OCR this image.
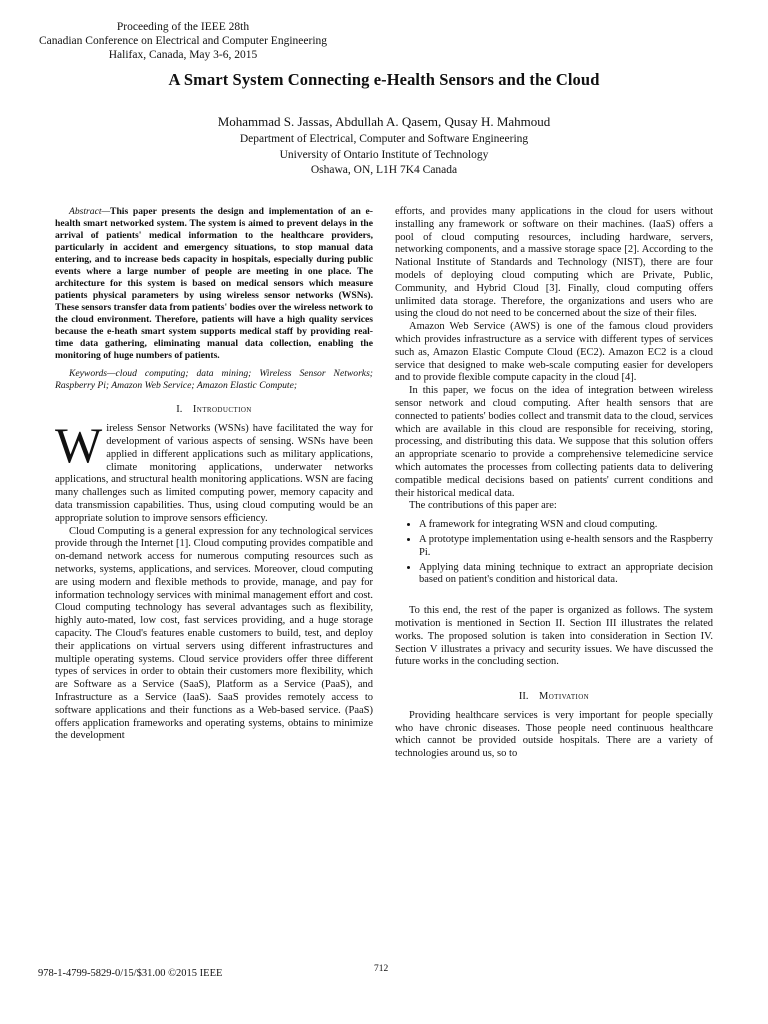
Proceeding of the IEEE 28th
Canadian Conference on Electrical and Computer Engineering
Halifax, Canada, May 3-6, 2015
A Smart System Connecting e-Health Sensors and the Cloud
Mohammad S. Jassas, Abdullah A. Qasem, Qusay H. Mahmoud
Department of Electrical, Computer and Software Engineering
University of Ontario Institute of Technology
Oshawa, ON, L1H 7K4 Canada

Abstract—This paper presents the design and implementation of an e-health smart networked system. The system is aimed to prevent delays in the arrival of patients' medical information to the healthcare providers, particularly in accident and emergency situations, to stop manual data entering, and to increase beds capacity in hospitals, especially during public events where a large number of people are meeting in one place. The architecture for this system is based on medical sensors which measure patients physical parameters by using wireless sensor networks (WSNs). These sensors transfer data from patients' bodies over the wireless network to the cloud environment. Therefore, patients will have a high quality services because the e-heath smart system supports medical staff by providing real-time data gathering, eliminating manual data collection, enabling the monitoring of huge numbers of patients.

Keywords—cloud computing; data mining; Wireless Sensor Networks; Raspberry Pi; Amazon Web Service; Amazon Elastic Compute;

I. Introduction

Wireless Sensor Networks (WSNs) have facilitated the way for development of various aspects of sensing. WSNs have been applied in different applications such as military applications, climate monitoring applications, underwater networks applications, and structural health monitoring applications. WSN are facing many challenges such as limited computing power, memory capacity and data transmission capabilities. Thus, using cloud computing would be an appropriate solution to improve sensors efficiency.

Cloud Computing is a general expression for any technological services provide through the Internet [1]. Cloud computing provides compatible and on-demand network access for numerous computing resources such as networks, systems, applications, and services. Moreover, cloud computing are using modern and flexible methods to provide, manage, and pay for information technology services with minimal management effort and cost. Cloud computing technology has several advantages such as flexibility, highly auto-mated, low cost, fast services providing, and a huge storage capacity. The Cloud's features enable customers to build, test, and deploy their applications on virtual servers using different infrastructures and multiple operating systems. Cloud service providers offer three different types of services in order to obtain their customers more flexibility, which are Software as a Service (SaaS), Platform as a Service (PaaS), and Infrastructure as a Service (IaaS). SaaS provides remotely access to software applications and their functions as a Web-based service. (PaaS) offers application frameworks and operating systems, obtains to minimize the development

efforts, and provides many applications in the cloud for users without installing any framework or software on their machines. (IaaS) offers a pool of cloud computing resources, including hardware, servers, networking components, and a massive storage space [2]. According to the National Institute of Standards and Technology (NIST), there are four models of deploying cloud computing which are Private, Public, Community, and Hybrid Cloud [3]. Finally, cloud computing offers unlimited data storage. Therefore, the organizations and users who are using the cloud do not need to be concerned about the size of their files.

Amazon Web Service (AWS) is one of the famous cloud providers which provides infrastructure as a service with different types of services such as, Amazon Elastic Compute Cloud (EC2). Amazon EC2 is a cloud service that designed to make web-scale computing easier for developers and to provide flexible compute capacity in the cloud [4].

In this paper, we focus on the idea of integration between wireless sensor network and cloud computing. After health sensors that are connected to patients' bodies collect and transmit data to the cloud, services which are available in this cloud are responsible for receiving, storing, processing, and distributing this data. We suppose that this solution offers an appropriate scenario to provide a comprehensive telemedicine service which automates the processes from collecting patients data to delivering compatible medical decisions based on patients' current conditions and their historical medical data.

The contributions of this paper are:

• A framework for integrating WSN and cloud computing.
• A prototype implementation using e-health sensors and the Raspberry Pi.
• Applying data mining technique to extract an appropriate decision based on patient's condition and historical data.

To this end, the rest of the paper is organized as follows. The system motivation is mentioned in Section II. Section III illustrates the related works. The proposed solution is taken into consideration in Section IV. Section V illustrates a privacy and security issues. We have discussed the future works in the concluding section.

II. Motivation

Providing healthcare services is very important for people specially who have chronic diseases. Those people need continuous healthcare which cannot be provided outside hospitals. There are a variety of technologies around us, so to

978-1-4799-5829-0/15/$31.00 ©2015 IEEE	712
